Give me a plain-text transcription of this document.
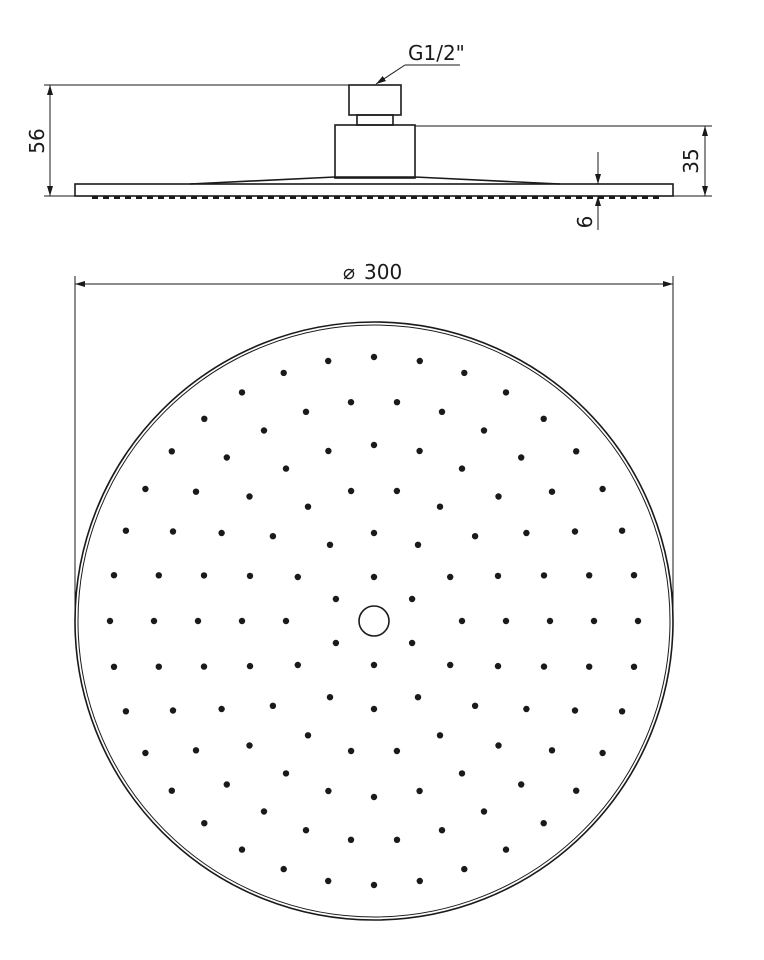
56
35
6
G1/2"
⌀ 300
